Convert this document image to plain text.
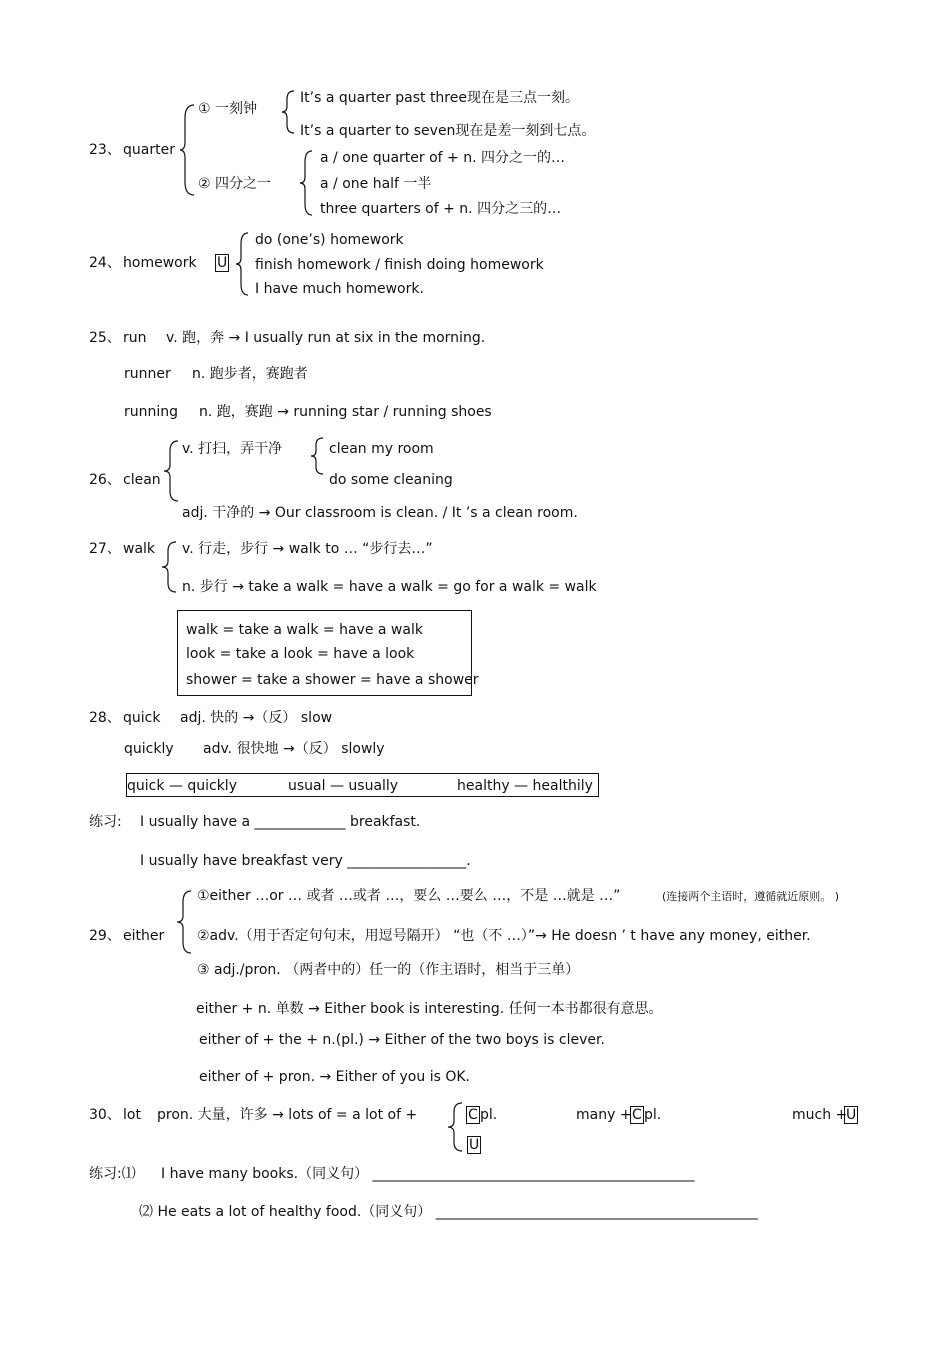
23、 quarter
① 一刻钟
It’s a quarter past three现在是三点一刻。
It’s a quarter to seven现在是差一刻到七点。
② 四分之一
a / one quarter of + n. 四分之一的…
a / one half 一半
three quarters of + n. 四分之三的…
24、 homework U
do (one’s) homework
finish homework / finish doing homework
I have much homework.
25、 run v. 跑，奔 → I usually run at six in the morning.
runner n. 跑步者，赛跑者
running n. 跑，赛跑 → running star / running shoes
26、 clean
v. 打扫，弄干净	clean my room
do some cleaning
adj. 干净的 → Our classroom is clean. / It ’s a clean room.
27、 walk v. 行走，步行 → walk to … “步行去…”
n. 步行 → take a walk = have a walk = go for a walk = walk
walk = take a walk = have a walk
look = take a look = have a look
shower = take a shower = have a shower
28、 quick adj. 快的 →（反） slow
quickly adv. 很快地 →（反） slowly
quick — quickly	usual — usually	healthy — healthily
练习: I usually have a _____________ breakfast.
I usually have breakfast very _________________.
29、 either
①either …or … 或者 …或者 …，要么 …要么 …，不是 …就是 …”	(连接两个主语时，遵循就近原则。 )
②adv.（用于否定句句末，用逗号隔开） “也（不 …）”→ He doesn ’ t have any money, either.
③ adj./pron. （两者中的）任一的（作主语时，相当于三单）
either + n. 单数 → Either book is interesting. 任何一本书都很有意思。
either of + the + n.(pl.) → Either of the two boys is clever.
either of + pron. → Either of you is OK.
30、 lot pron. 大量，许多 → lots of = a lot of +	C pl.
U
many + C pl.	much +
U
练习:⑴ I have many books.（同义句） ______________________________________________
⑵ He eats a lot of healthy food.（同义句） ______________________________________________
